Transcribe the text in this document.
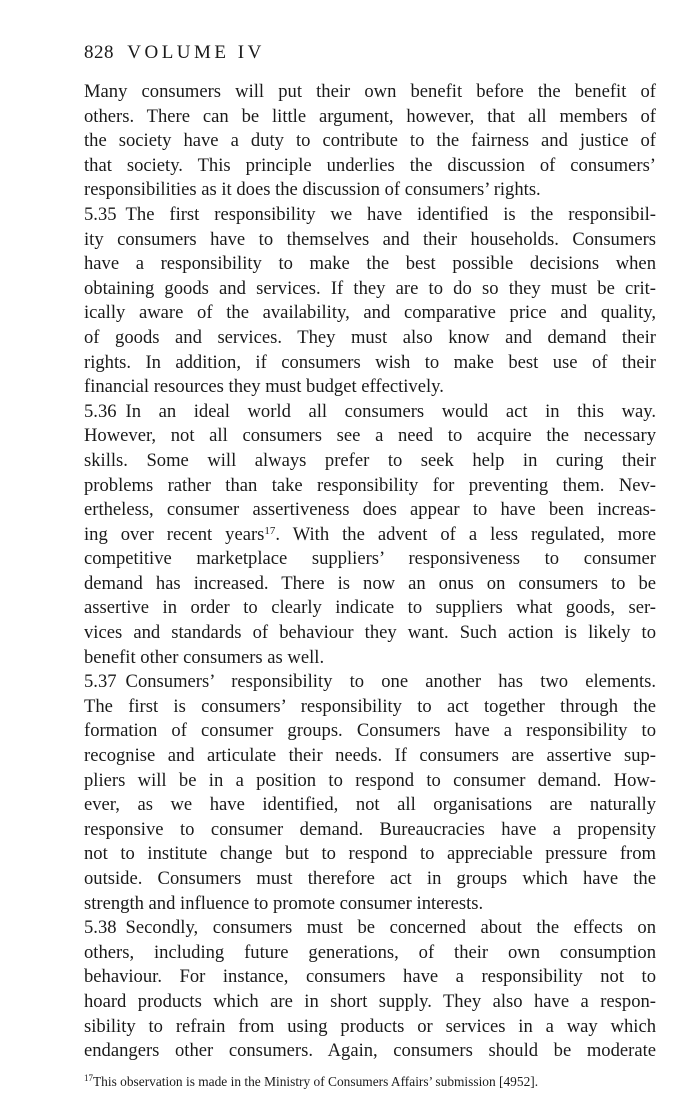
828 VOLUME IV

Many consumers will put their own benefit before the benefit of
others. There can be little argument, however, that all members of
the society have a duty to contribute to the fairness and justice of
that society. This principle underlies the discussion of consumers’
responsibilities as it does the discussion of consumers’ rights.

5.35 The first responsibility we have identified is the responsibil-
ity consumers have to themselves and their households. Consumers
have a responsibility to make the best possible decisions when
obtaining goods and services. If they are to do so they must be crit-
ically aware of the availability, and comparative price and quality,
of goods and services. They must also know and demand their
rights. In addition, if consumers wish to make best use of their
financial resources they must budget effectively.

5.36 In an ideal world all consumers would act in this way.
However, not all consumers see a need to acquire the necessary
skills. Some will always prefer to seek help in curing their
problems rather than take responsibility for preventing them. Nev-
ertheless, consumer assertiveness does appear to have been increas-
ing over recent years$^{17}$. With the advent of a less regulated, more
competitive marketplace suppliers’ responsiveness to consumer
demand has increased. There is now an onus on consumers to be
assertive in order to clearly indicate to suppliers what goods, ser-
vices and standards of behaviour they want. Such action is likely to
benefit other consumers as well.

5.37 Consumers’ responsibility to one another has two elements.
The first is consumers’ responsibility to act together through the
formation of consumer groups. Consumers have a responsibility to
recognise and articulate their needs. If consumers are assertive sup-
pliers will be in a position to respond to consumer demand. How-
ever, as we have identified, not all organisations are naturally
responsive to consumer demand. Bureaucracies have a propensity
not to institute change but to respond to appreciable pressure from
outside. Consumers must therefore act in groups which have the
strength and influence to promote consumer interests.

5.38 Secondly, consumers must be concerned about the effects on
others, including future generations, of their own consumption
behaviour. For instance, consumers have a responsibility not to
hoard products which are in short supply. They also have a respon-
sibility to refrain from using products or services in a way which
endangers other consumers. Again, consumers should be moderate

$^{17}$This observation is made in the Ministry of Consumers Affairs’ submission [4952].
